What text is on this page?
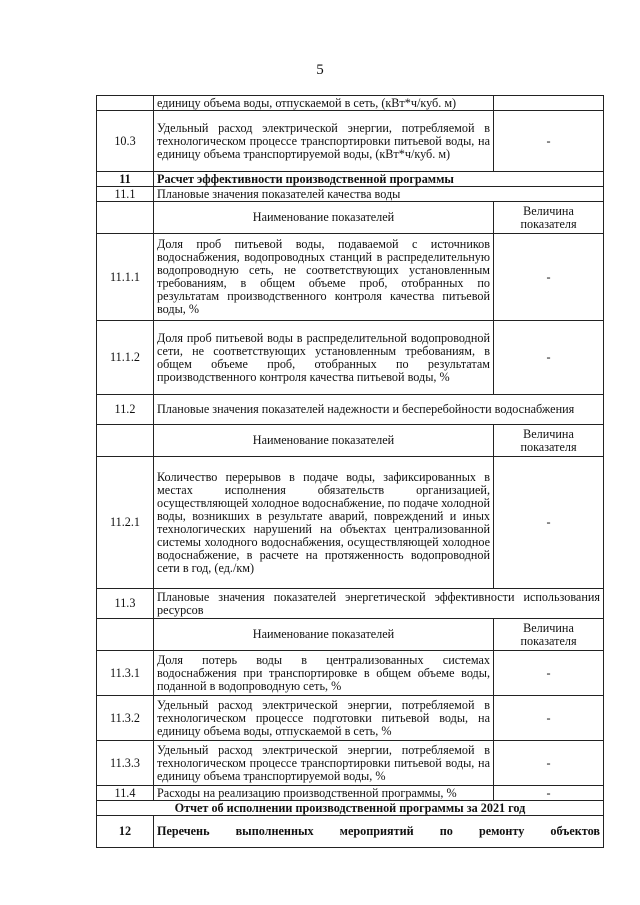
5
	единицу объема воды, отпускаемой в сеть, (кВт*ч/куб. м)	
10.3	Удельный расход электрической энергии, потребляемой в технологическом процессе транспортировки питьевой воды, на единицу объема транспортируемой воды, (кВт*ч/куб. м)	-
11	Расчет эффективности производственной программы	
11.1	Плановые значения показателей качества воды	
	Наименование показателей	Величина показателя
11.1.1	Доля проб питьевой воды, подаваемой с источников водоснабжения, водопроводных станций в распределительную водопроводную сеть, не соответствующих установленным требованиям, в общем объеме проб, отобранных по результатам производственного контроля качества питьевой воды, %	-
11.1.2	Доля проб питьевой воды в распределительной водопроводной сети, не соответствующих установленным требованиям, в общем объеме проб, отобранных по результатам производственного контроля качества питьевой воды, %	-
11.2	Плановые значения показателей надежности и бесперебойности водоснабжения	
	Наименование показателей	Величина показателя
11.2.1	Количество перерывов в подаче воды, зафиксированных в местах исполнения обязательств организацией, осуществляющей холодное водоснабжение, по подаче холодной воды, возникших в результате аварий, повреждений и иных технологических нарушений на объектах централизованной системы холодного водоснабжения, осуществляющей холодное водоснабжение, в расчете на протяженность водопроводной сети в год, (ед./км)	-
11.3	Плановые значения показателей энергетической эффективности использования ресурсов	
	Наименование показателей	Величина показателя
11.3.1	Доля потерь воды в централизованных системах водоснабжения при транспортировке в общем объеме воды, поданной в водопроводную сеть, %	-
11.3.2	Удельный расход электрической энергии, потребляемой в технологическом процессе подготовки питьевой воды, на единицу объема воды, отпускаемой в сеть, %	-
11.3.3	Удельный расход электрической энергии, потребляемой в технологическом процессе транспортировки питьевой воды, на единицу объема транспортируемой воды, %	-
11.4	Расходы на реализацию производственной программы, %	-
Отчет об исполнении производственной программы за 2021 год		
12	Перечень выполненных мероприятий по ремонту объектов	
